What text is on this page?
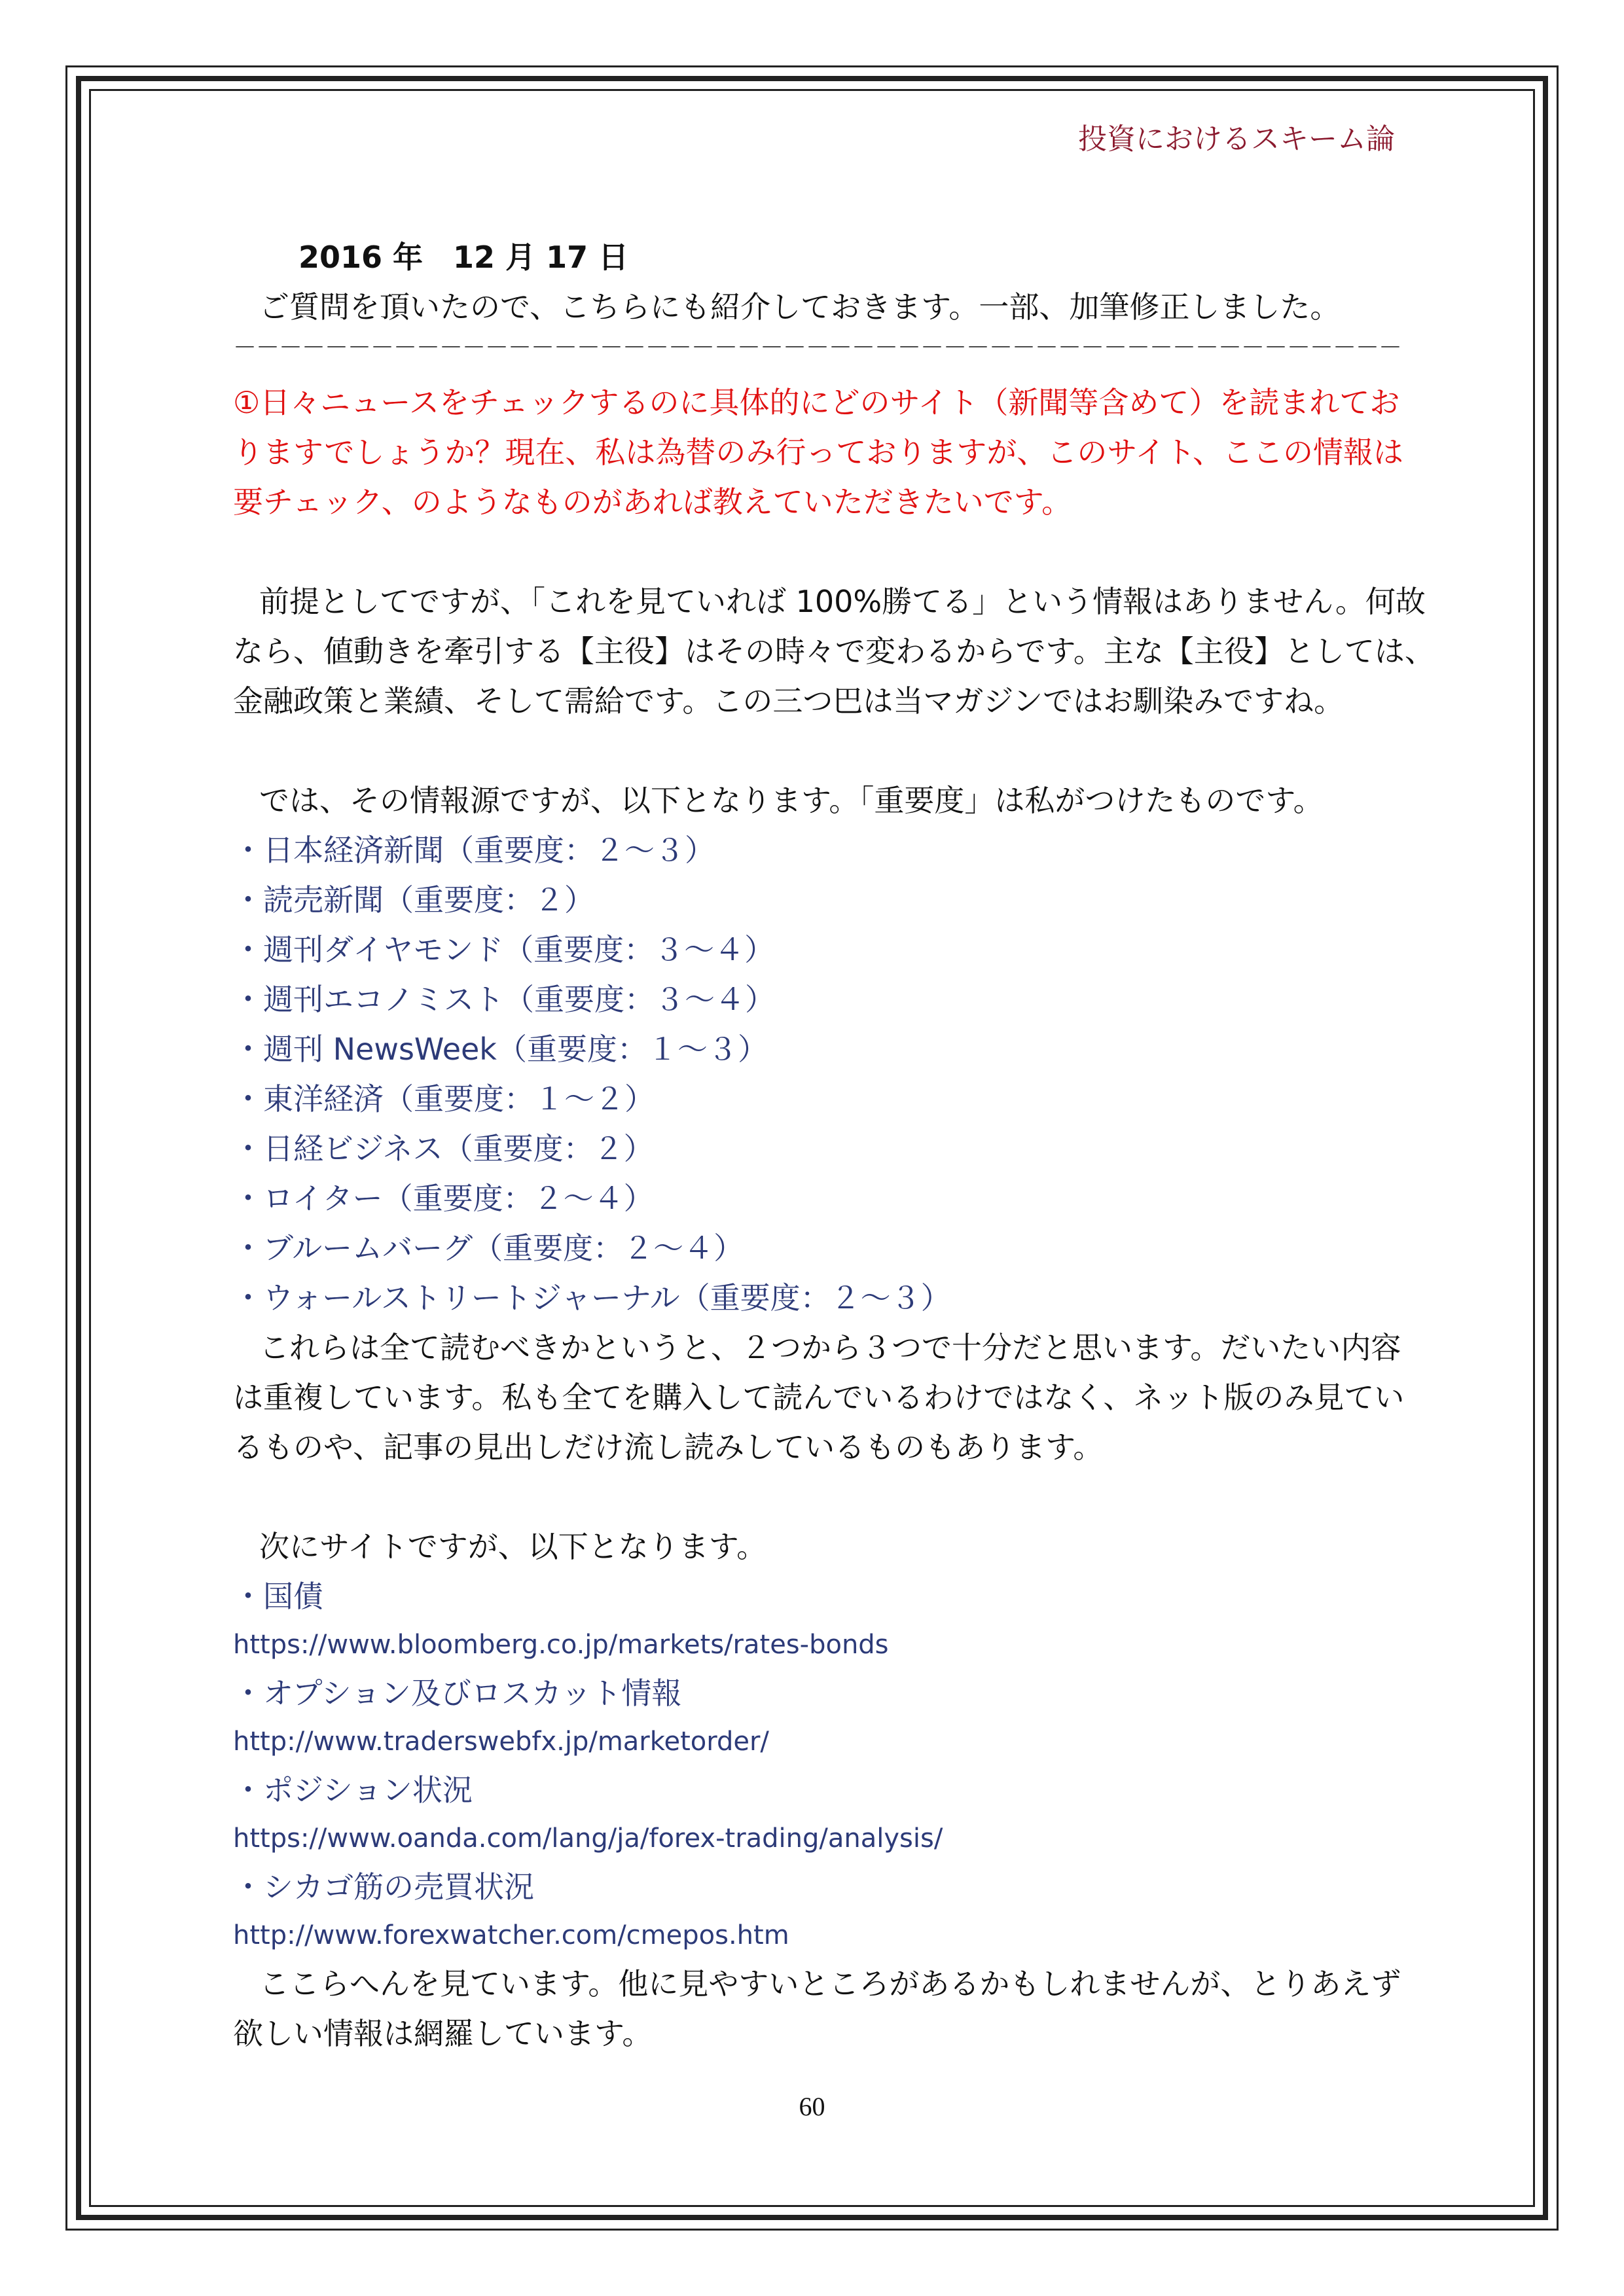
投資におけるスキーム論
2016 年　12 月 17 日
ご質問を頂いたので、こちらにも紹介しておきます。一部、加筆修正しました。
－－－－－－－－－－－－－－－－－－－－－－－－－－－－－－－－－－－－－－－－－－－－－－－－－－－
①日々ニュースをチェックするのに具体的にどのサイト（新聞等含めて）を読まれてお
りますでしょうか？現在、私は為替のみ行っておりますが、このサイト、ここの情報は
要チェック、のようなものがあれば教えていただきたいです。
前提としてですが、「これを見ていれば 100%勝てる」という情報はありません。何故
なら、値動きを牽引する【主役】はその時々で変わるからです。主な【主役】としては、
金融政策と業績、そして需給です。この三つ巴は当マガジンではお馴染みですね。
では、その情報源ですが、以下となります。「重要度」は私がつけたものです。
・日本経済新聞（重要度：２～３）
・読売新聞（重要度：２）
・週刊ダイヤモンド（重要度：３～４）
・週刊エコノミスト（重要度：３～４）
・週刊 NewsWeek（重要度：１～３）
・東洋経済（重要度：１～２）
・日経ビジネス（重要度：２）
・ロイター（重要度：２～４）
・ブルームバーグ（重要度：２～４）
・ウォールストリートジャーナル（重要度：２～３）
これらは全て読むべきかというと、２つから３つで十分だと思います。だいたい内容
は重複しています。私も全てを購入して読んでいるわけではなく、ネット版のみ見てい
るものや、記事の見出しだけ流し読みしているものもあります。
次にサイトですが、以下となります。
・国債
https://www.bloomberg.co.jp/markets/rates-bonds
・オプション及びロスカット情報
http://www.traderswebfx.jp/marketorder/
・ポジション状況
https://www.oanda.com/lang/ja/forex-trading/analysis/
・シカゴ筋の売買状況
http://www.forexwatcher.com/cmepos.htm
ここらへんを見ています。他に見やすいところがあるかもしれませんが、とりあえず
欲しい情報は網羅しています。
60
